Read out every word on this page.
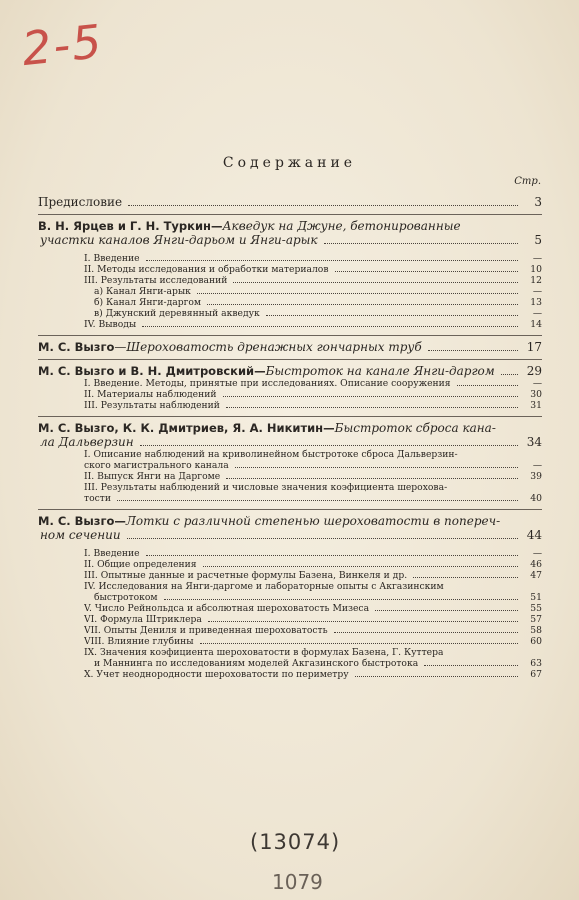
2-5
Содержание
Стр.
Предисловие	3
В. Н. Ярцев и Г. Н. Туркин—Акведук на Джуне, бетонированные
участки каналов Янги-дарьом и Янги-арык	5
I. Введение	—
II. Методы исследования и обработки материалов	10
III. Результаты исследований	12
а) Канал Янги-арык	—
б) Канал Янги-даргом	13
в) Джунский деревянный акведук	—
IV. Выводы	14
М. С. Вызго—Шероховатость дренажных гончарных труб	17
М. С. Вызго и В. Н. Дмитровский—Быстроток на канале Янги-даргом	29
I. Введение. Методы, принятые при исследованиях. Описание сооружения	—
II. Материалы наблюдений	30
III. Результаты наблюдений	31
М. С. Вызго, К. К. Дмитриев, Я. А. Никитин—Быстроток сброса кана-
ла Дальверзин	34
I. Описание наблюдений на криволинейном быстротоке сброса Дальверзин-
ского магистрального канала	—
II. Выпуск Янги на Даргоме	39
III. Результаты наблюдений и числовые значения коэфициента шерохова-
тости	40
М. С. Вызго—Лотки с различной степенью шероховатости в попереч-
ном сечении	44
I. Введение	—
II. Общие определения	46
III. Опытные данные и расчетные формулы Базена, Винкеля и др.	47
IV. Исследования на Янги-даргоме и лабораторные опыты с Акгазинским
быстротоком	51
V. Число Рейнольдса и абсолютная шероховатость Мизеса	55
VI. Формула Штриклера	57
VII. Опыты Дениля и приведенная шероховатость	58
VIII. Влияние глубины	60
IX. Значения коэфициента шероховатости в формулах Базена, Г. Куттера
и Маннинга по исследованиям моделей Акгазинского быстротока	63
X. Учет неоднородности шероховатости по периметру	67
(13074)
1079
